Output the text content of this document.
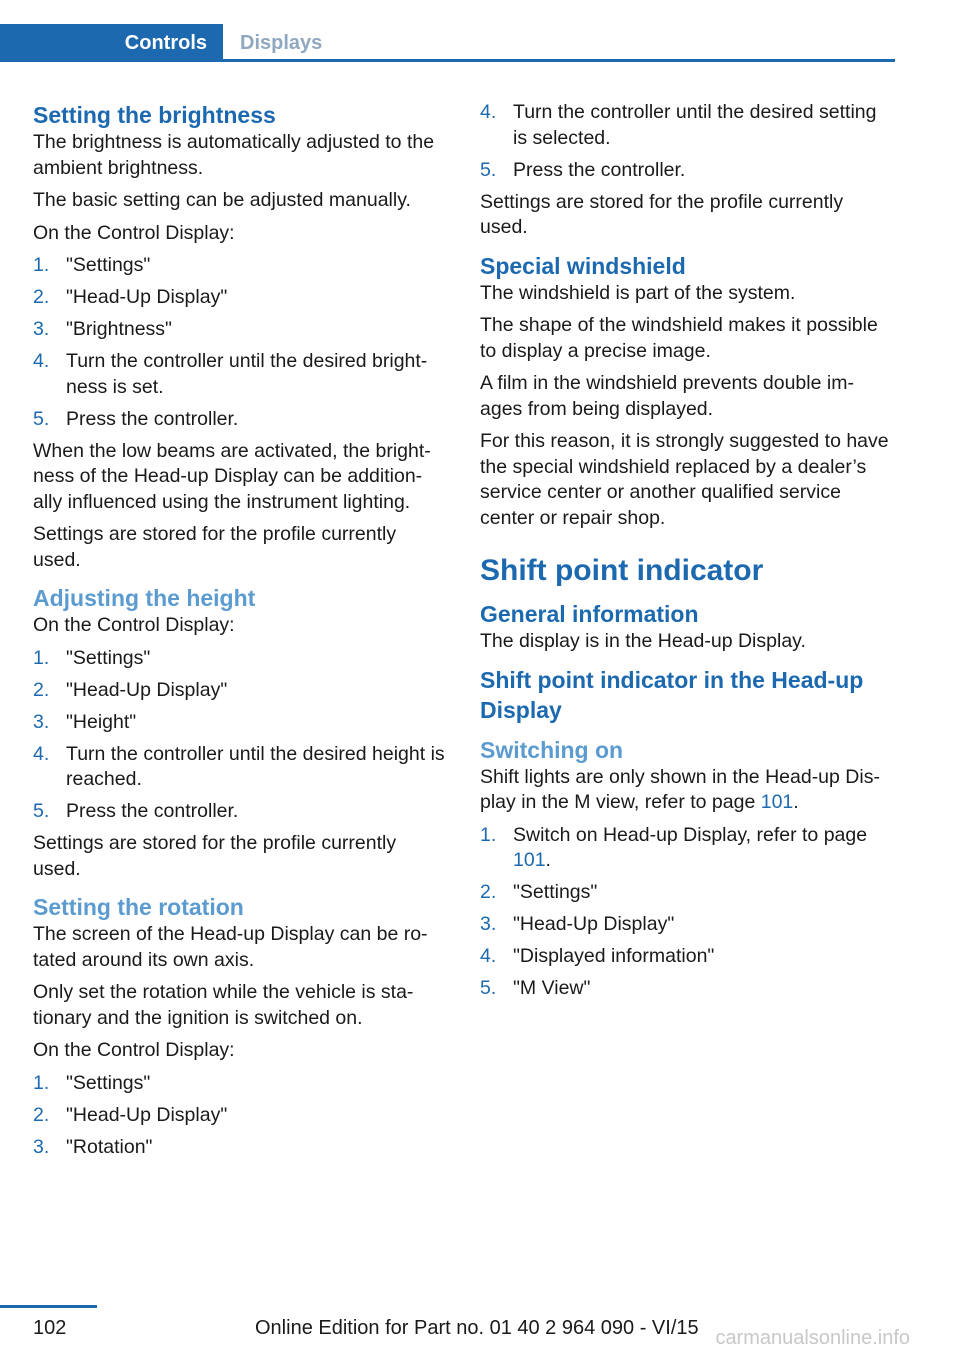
Controls	Displays
Setting the brightness

The brightness is automatically adjusted to the ambient brightness.

The basic setting can be adjusted manually.

On the Control Display:

1. "Settings"
2. "Head-Up Display"
3. "Brightness"
4. Turn the controller until the desired bright‐ness is set.
5. Press the controller.

When the low beams are activated, the bright‐ness of the Head-up Display can be addition‐ally influenced using the instrument lighting.

Settings are stored for the profile currently used.

Adjusting the height

On the Control Display:

1. "Settings"
2. "Head-Up Display"
3. "Height"
4. Turn the controller until the desired height is reached.
5. Press the controller.

Settings are stored for the profile currently used.

Setting the rotation

The screen of the Head-up Display can be ro‐tated around its own axis.

Only set the rotation while the vehicle is sta‐tionary and the ignition is switched on.

On the Control Display:

1. "Settings"
2. "Head-Up Display"
3. "Rotation"
4. Turn the controller until the desired setting is selected.
5. Press the controller.

Settings are stored for the profile currently used.

Special windshield

The windshield is part of the system.

The shape of the windshield makes it possible to display a precise image.

A film in the windshield prevents double im‐ages from being displayed.

For this reason, it is strongly suggested to have the special windshield replaced by a dealer’s service center or another qualified service center or repair shop.

Shift point indicator
General information

The display is in the Head-up Display.

Shift point indicator in the Head-up Display
Switching on

Shift lights are only shown in the Head-up Dis‐play in the M view, refer to page 101.

1. Switch on Head-up Display, refer to page 101.
2. "Settings"
3. "Head-Up Display"
4. "Displayed information"
5. "M View"
102	Online Edition for Part no. 01 40 2 964 090 - VI/15 carmanualsonline.info
